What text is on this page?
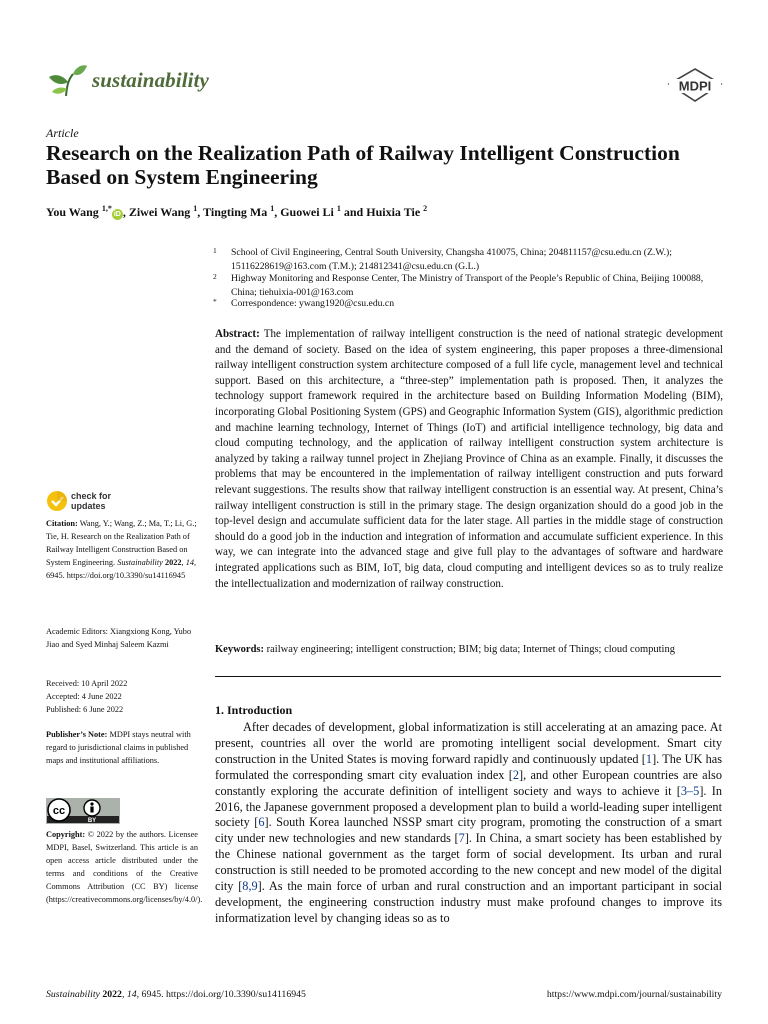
sustainability	MDPI
Article
Research on the Realization Path of Railway Intelligent Construction Based on System Engineering
You Wang $^{1,*}$iD , Ziwei Wang $^1$, Tingting Ma $^1$, Guowei Li $^1$ and Huixia Tie $^2$
1 School of Civil Engineering, Central South University, Changsha 410075, China; 204811157@csu.edu.cn (Z.W.); 15116228619@163.com (T.M.); 214812341@csu.edu.cn (G.L.)
2 Highway Monitoring and Response Center, The Ministry of Transport of the People’s Republic of China, Beijing 100088, China; tiehuixia-001@163.com
* Correspondence: ywang1920@csu.edu.cn
Abstract: The implementation of railway intelligent construction is the need of national strategic development and the demand of society. Based on the idea of system engineering, this paper proposes a three-dimensional railway intelligent construction system architecture composed of a full life cycle, management level and technical support. Based on this architecture, a “three-step” implementation path is proposed. Then, it analyzes the technology support framework required in the architecture based on Building Information Modeling (BIM), incorporating Global Positioning System (GPS) and Geographic Information System (GIS), algorithmic prediction and machine learning technology, Internet of Things (IoT) and artificial intelligence technology, big data and cloud computing technology, and the application of railway intelligent construction system architecture is analyzed by taking a railway tunnel project in Zhejiang Province of China as an example. Finally, it discusses the problems that may be encountered in the implementation of railway intelligent construction and puts forward relevant suggestions. The results show that railway intelligent construction is an essential way. At present, China’s railway intelligent construction is still in the primary stage. The design organization should do a good job in the top-level design and accumulate sufficient data for the later stage. All parties in the middle stage of construction should do a good job in the induction and integration of information and accumulate sufficient experience. In this way, we can integrate into the advanced stage and give full play to the advantages of software and hardware integrated applications such as BIM, IoT, big data, cloud computing and intelligent devices so as to truly realize the intellectualization and modernization of railway construction.
Keywords: railway engineering; intelligent construction; BIM; big data; Internet of Things; cloud computing
1. Introduction

After decades of development, global informatization is still accelerating at an amazing pace. At present, countries all over the world are promoting intelligent social development. Smart city construction in the United States is moving forward rapidly and continuously updated [1]. The UK has formulated the corresponding smart city evaluation index [2], and other European countries are also constantly exploring the accurate definition of intelligent society and ways to achieve it [3–5]. In 2016, the Japanese government proposed a development plan to build a world-leading super intelligent society [6]. South Korea launched NSSP smart city program, promoting the construction of a smart city under new technologies and new standards [7]. In China, a smart society has been established by the Chinese national government as the target form of social development. Its urban and rural construction is still needed to be promoted according to the new concept and new model of the digital city [8,9]. As the main force of urban and rural construction and an important participant in social development, the engineering construction industry must make profound changes to improve its informatization level by changing ideas so as to

check for
updates
Citation: Wang, Y.; Wang, Z.; Ma, T.; Li, G.; Tie, H. Research on the Realization Path of Railway Intelligent Construction Based on System Engineering. Sustainability 2022, 14, 6945. https://doi.org/10.3390/su14116945
Academic Editors: Xiangxiong Kong, Yubo Jiao and Syed Minhaj Saleem Kazmi
Received: 10 April 2022
Accepted: 4 June 2022
Published: 6 June 2022
Publisher’s Note: MDPI stays neutral with regard to jurisdictional claims in published maps and institutional affiliations.
cc
BY
Copyright: © 2022 by the authors. Licensee MDPI, Basel, Switzerland. This article is an open access article distributed under the terms and conditions of the Creative Commons Attribution (CC BY) license (https://creativecommons.org/licenses/by/4.0/).
Sustainability 2022, 14, 6945. https://doi.org/10.3390/su14116945	https://www.mdpi.com/journal/sustainability
